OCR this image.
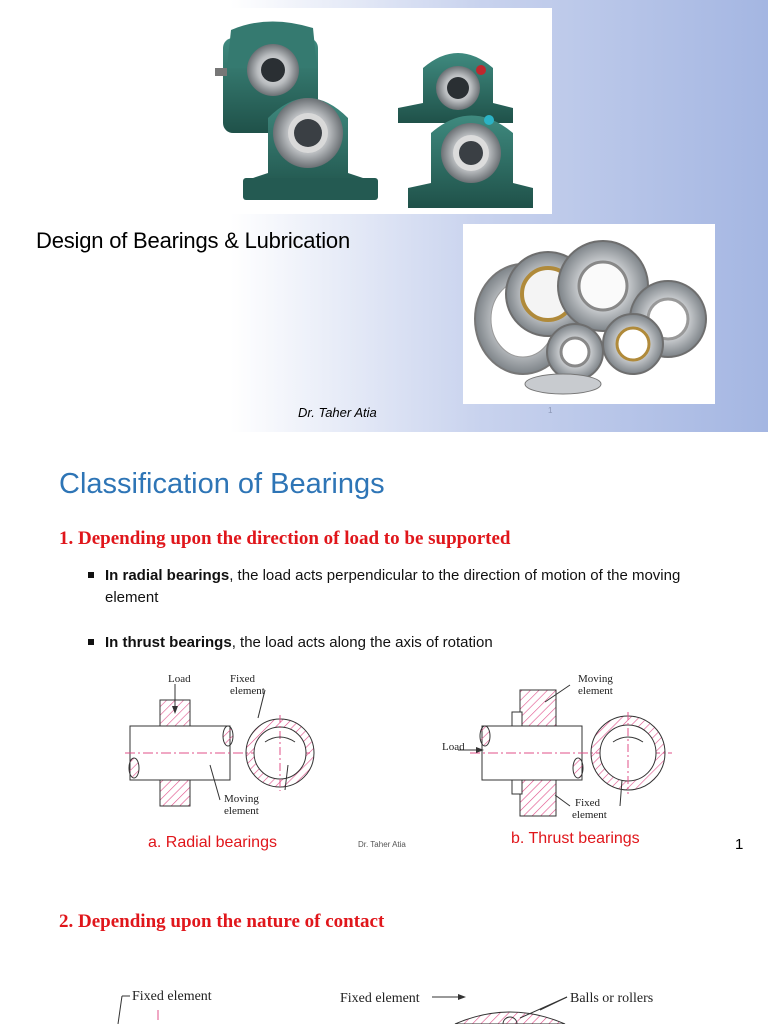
Design of Bearings & Lubrication
Dr. Taher Atia	1
Classification of Bearings
1. Depending upon the direction of load to be supported
In radial bearings, the load acts perpendicular to the direction of motion of the moving element
In thrust bearings, the load acts along the axis of rotation
Load	Fixed
element
Moving
element
Load
Moving
element
Fixed
element
a. Radial bearings	Dr. Taher Atia	b. Thrust bearings	1
2. Depending upon the nature of contact
Fixed element	Fixed element	Balls or rollers
